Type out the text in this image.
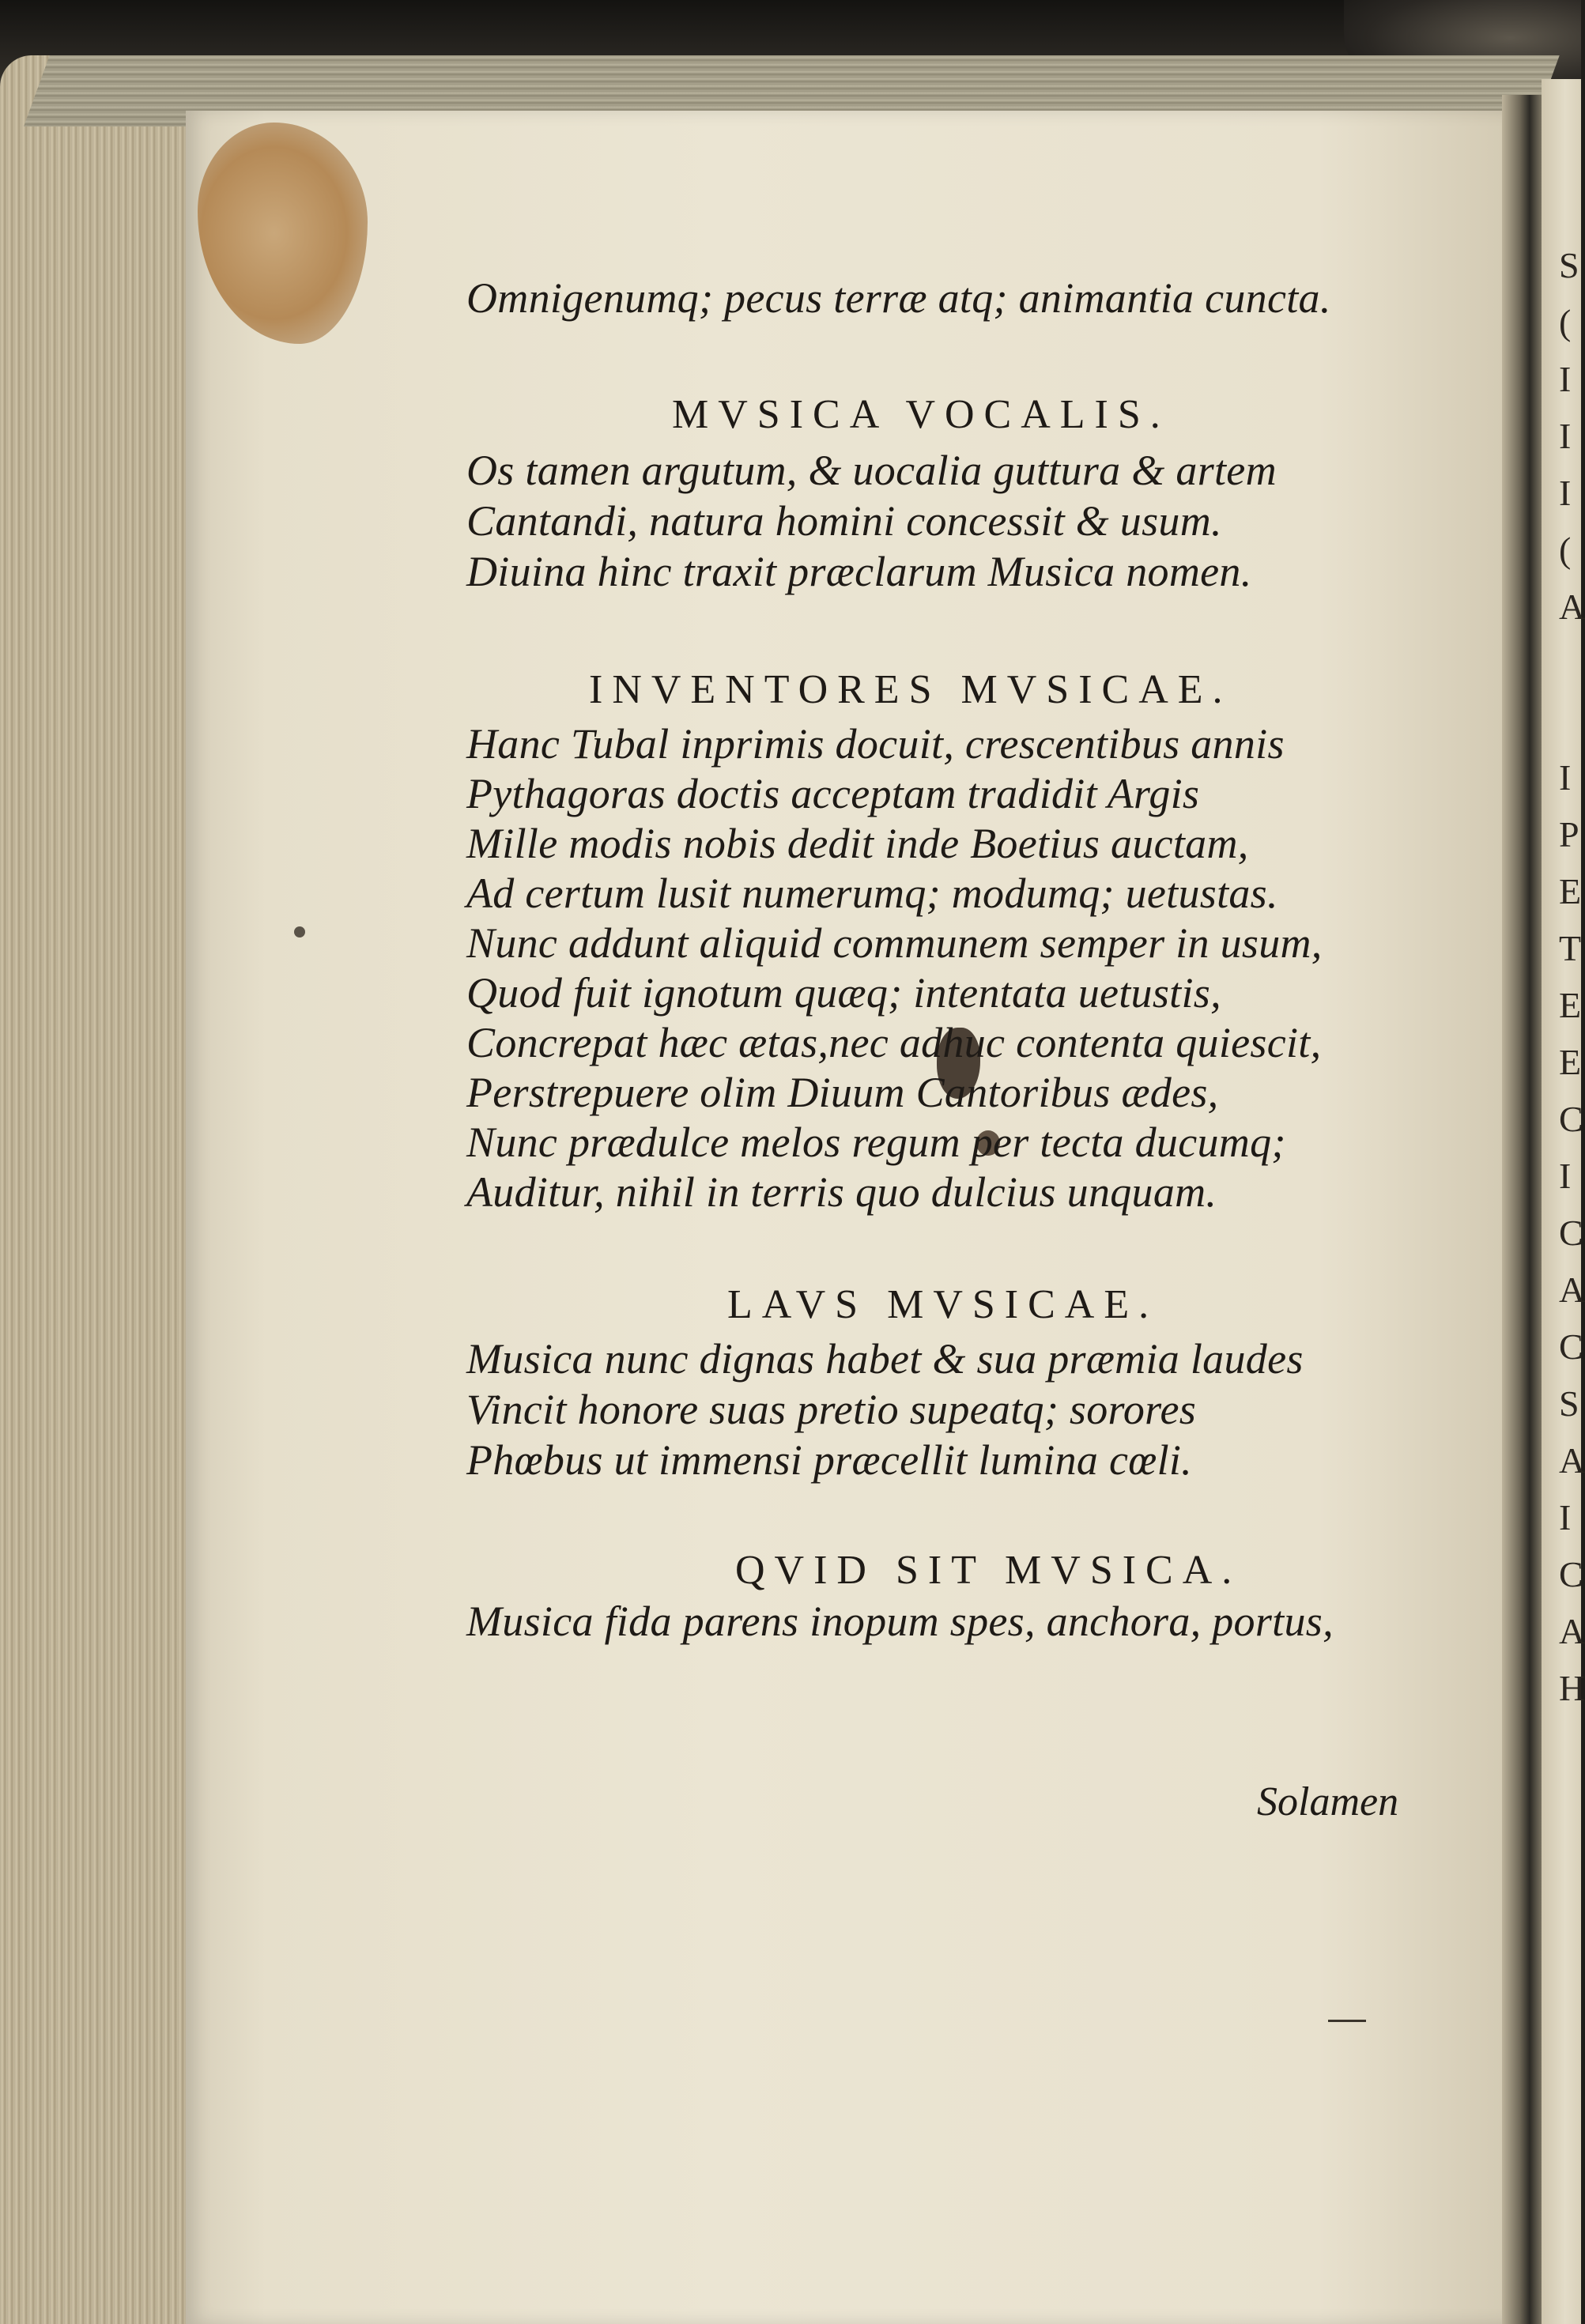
Omnigenumq; pecus terræ atq; animantia cuncta.
MVSICA VOCALIS.
Os tamen argutum, & uocalia guttura & artem
Cantandi, natura homini concessit & usum.
Diuina hinc traxit præclarum Musica nomen.
INVENTORES MVSICAE.
Hanc Tubal inprimis docuit, crescentibus annis
Pythagoras doctis acceptam tradidit Argis
Mille modis nobis dedit inde Boetius auctam,
Ad certum lusit numerumq; modumq; uetustas.
Nunc addunt aliquid communem semper in usum,
Quod fuit ignotum quæq; intentata uetustis,
Concrepat hæc ætas,nec adhuc contenta quiescit,
Perstrepuere olim Diuum Cantoribus ædes,
Nunc prædulce melos regum per tecta ducumq;
Auditur, nihil in terris quo dulcius unquam.
LAVS MVSICAE.
Musica nunc dignas habet & sua præmia laudes
Vincit honore suas pretio supeatq; sorores
Phœbus ut immensi præcellit lumina cœli.
QVID SIT MVSICA.
Musica fida parens inopum spes, anchora, portus,
Solamen
S
(
I
I
I
(
A
I
P
E
T
E
E
C
I
C
A
C
S
A
I
C
A
H
